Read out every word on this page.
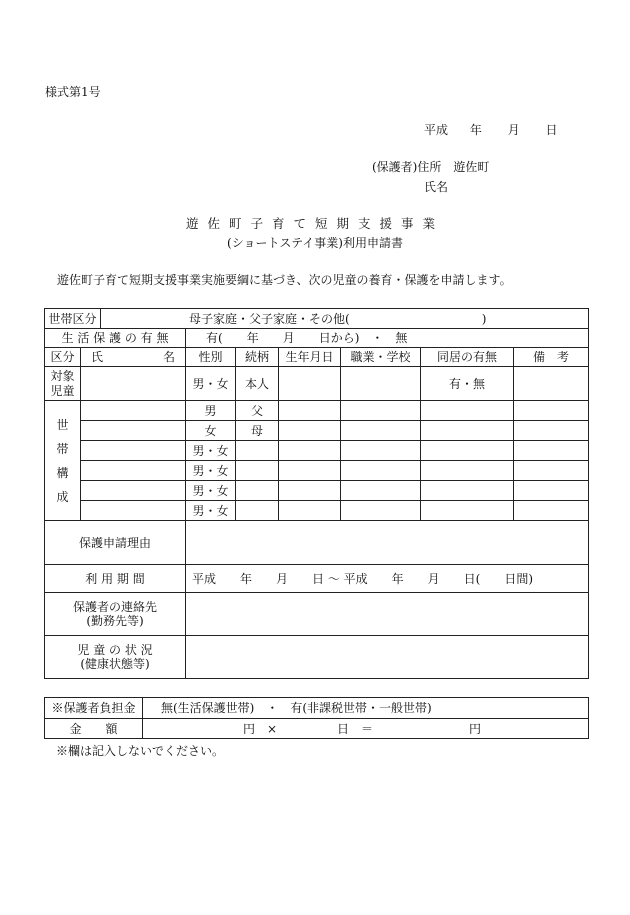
様式第1号
平成 年 月 日
(保護者)住所　遊佐町
氏名
遊佐町子育て短期支援事業
(ショートステイ事業)利用申請書
遊佐町子育て短期支援事業実施要綱に基づき、次の児童の養育・保護を申請します。
世帯区分		母子家庭・父子家庭・その他(　　　　　　　　　　　)						
生 活 保 護 の 有 無			有(　　年　　月　　日から)　・　無					
区分	氏　　　　　名		性別	続柄	生年月日	職業・学校	同居の有無	備　考
対象児童			男・女	本人			有・無	
世帯構成			男	父				
			女	母				
			男・女					
			男・女					
			男・女					
			男・女					
保護申請理由								
利 用 期 間			平成　　年　　月　　日 〜 平成　　年　　月　　日(　　日間)					

保護者の連絡先
(勤務先等)								

児 童 の 状 況
(健康状態等)								

※保護者負担金	無(生活保護世帯)　・　有(非課税世帯・一般世帯)
金　　額	円　×　　　　　日　＝　　　　　　　　円
※欄は記入しないでください。
